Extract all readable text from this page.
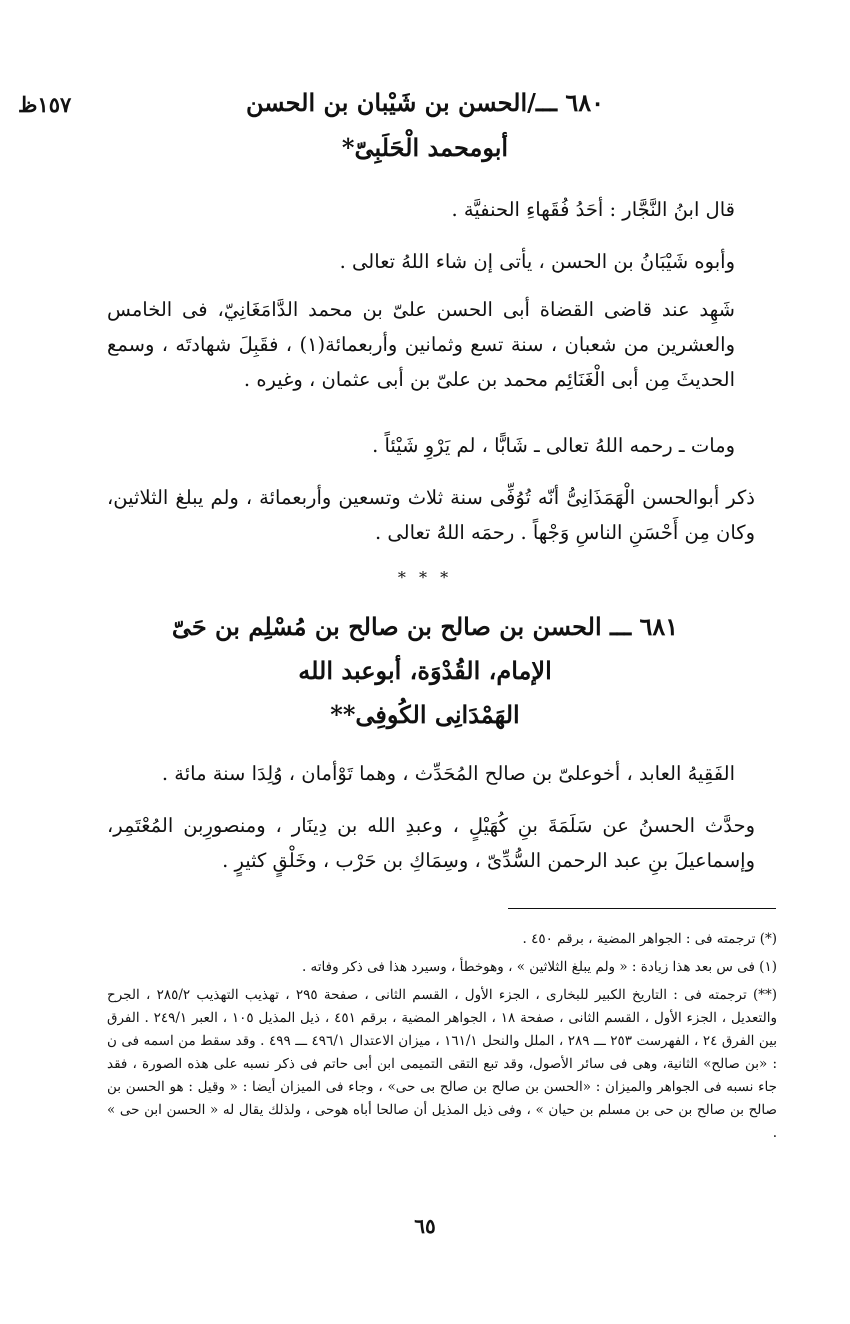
١٥٧ظ	٦٨٠ ـــ/الحسن بن شَيْبان بن الحسن
أبومحمد الْحَلَبِىّ*
قال ابنُ النَّجَّار : أحَدُ فُقَهاءِ الحنفيَّة .
وأبوه شَيْبَانُ بن الحسن ، يأتى إن شاء اللهُ تعالى .
شَهِد عند قاضى القضاة أبى الحسن علىّ بن محمد الدَّامَغَانِيّ، فى الخامس والعشرين من شعبان ، سنة تسع وثمانين وأربعمائة(١) ، فقَبِلَ شهادتَه ، وسمع الحديثَ مِن أبى الْغَنَائِم محمد بن علىّ بن أبى عثمان ، وغيره .
ومات ـ رحمه اللهُ تعالى ـ شَابًّا ، لم يَرْوِ شَيْئاً .
ذكر أبوالحسن الْهَمَذَانِىُّ أنّه تُوُفِّى سنة ثلاث وتسعين وأربعمائة ، ولم يبلغ الثلاثين، وكان مِن أَحْسَنِ الناسِ وَجْهاً . رحمَه اللهُ تعالى .
* * *
٦٨١ ـــ الحسن بن صالح بن صالح بن مُسْلِم بن حَىّ
الإمام، القُدْوَة، أبوعبد الله
الهَمْدَانِى الكُوفِى**
الفَقِيهُ العابد ، أخوعلىّ بن صالح المُحَدِّث ، وهما تَوْأمان ، وُلِدَا سنة مائة .
وحدَّث الحسنُ عن سَلَمَةَ بنِ كُهَيْلٍ ، وعبدِ الله بن دِينَار ، ومنصورِبن المُعْتَمِر، وإسماعيلَ بنِ عبد الرحمن السُّدِّىّ ، وسِمَاكِ بن حَرْب ، وخَلْقٍ كثيرٍ .
(*) ترجمته فى : الجواهر المضية ، برقم ٤٥٠ .
(١) فى س بعد هذا زيادة : « ولم يبلغ الثلاثين » ، وهوخطأ ، وسيرد هذا فى ذكر وفاته .
(**) ترجمته فى : التاريخ الكبير للبخارى ، الجزء الأول ، القسم الثانى ، صفحة ٢٩٥ ، تهذيب التهذيب ٢٨٥/٢ ، الجرح والتعديل ، الجزء الأول ، القسم الثانى ، صفحة ١٨ ، الجواهر المضية ، برقم ٤٥١ ، ذيل المذيل ١٠٥ ، العبر ٢٤٩/١ . الفرق بين الفرق ٢٤ ، الفهرست ٢٥٣ ـــ ٢٨٩ ، الملل والنحل ١٦١/١ ، ميزان الاعتدال ٤٩٦/١ ـــ ٤٩٩ . وقد سقط من اسمه فى ن : «بن صالح» الثانية، وهى فى سائر الأصول، وقد تبع التقى التميمى ابن أبى حاتم فى ذكر نسبه على هذه الصورة ، فقد جاء نسبه فى الجواهر والميزان : «الحسن بن صالح بن صالح بى حى» ، وجاء فى الميزان أيضا : « وقيل : هو الحسن بن صالح بن صالح بن حى بن مسلم بن حيان » ، وفى ذيل المذيل أن صالحا أباه هوحى ، ولذلك يقال له « الحسن ابن حى » .
٦٥
